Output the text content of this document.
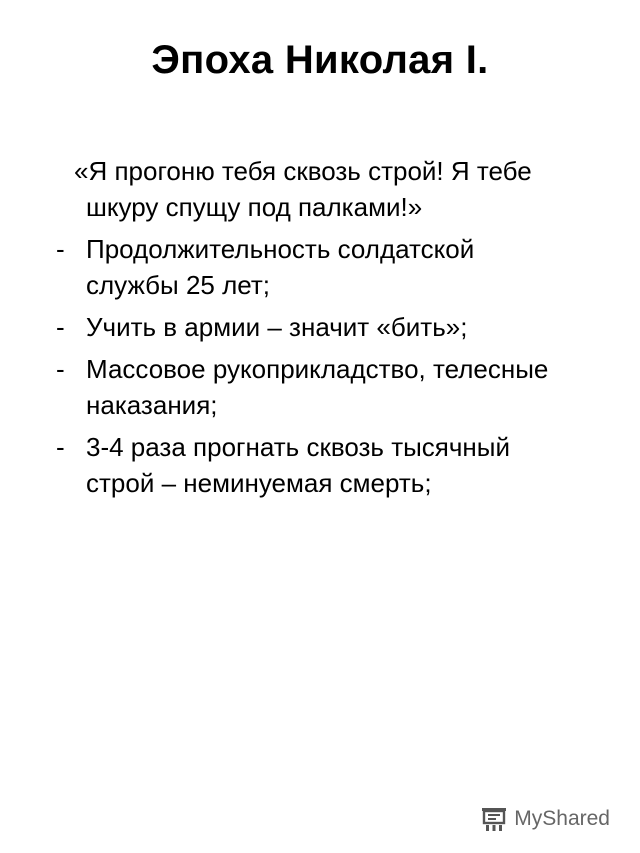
Эпоха Николая I.
«Я прогоню тебя сквозь строй! Я тебе
шкуру спущу под палками!»
- Продолжительность солдатской
службы 25 лет;
- Учить в армии – значит «бить»;
- Массовое рукоприкладство, телесные
наказания;
- 3-4 раза прогнать сквозь тысячный
строй – неминуемая смерть;
MyShared
